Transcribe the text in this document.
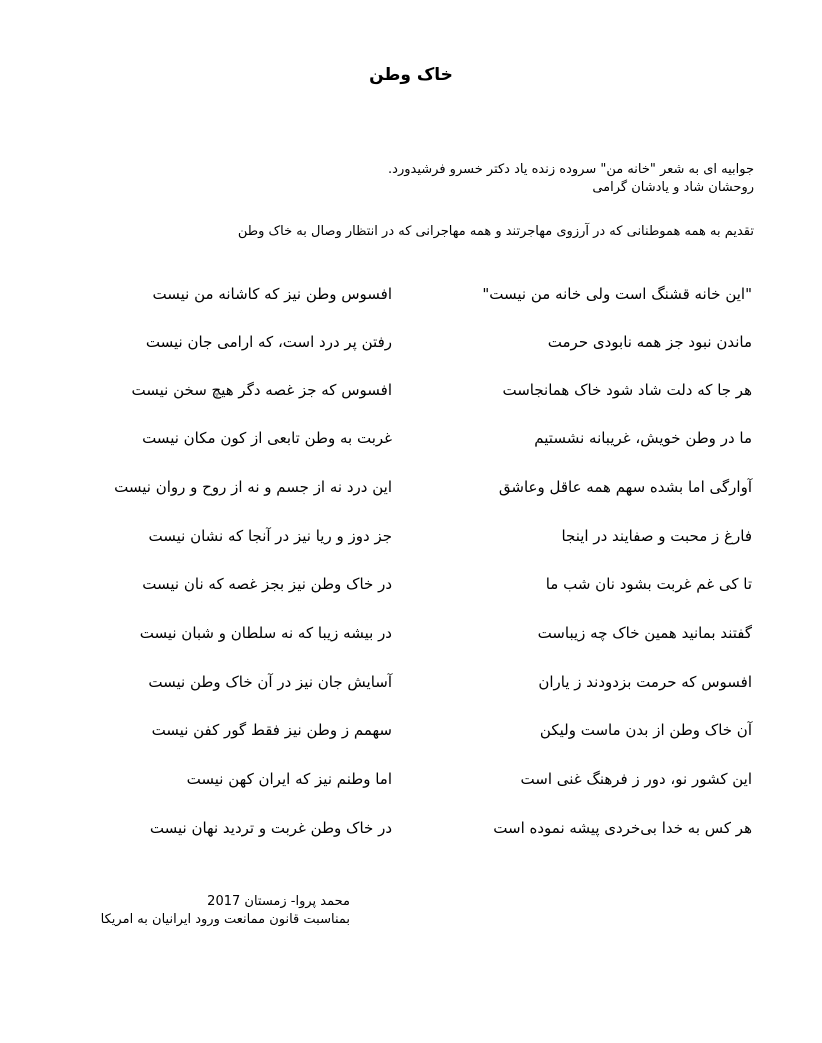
خاک وطن
جوابیه ای به شعر "خانه من" سروده زنده یاد دکتر خسرو فرشیدورد.
روحشان شاد و یادشان گرامی
تقدیم به همه هموطنانی که در آرزوی مهاجرتند و همه مهاجرانی که در انتظار وصال به خاک وطن
"این خانه قشنگ است ولی خانه من نیست"
افسوس وطن نیز که کاشانه من نیست
ماندن نبود جز همه نابودی حرمت
رفتن پر درد است، که ارامی جان نیست
هر جا که دلت شاد شود خاک همانجاست
افسوس که جز غصه دگر هیچ سخن نیست
ما در وطن خویش، غریبانه نشستیم
غربت به وطن تابعی از کون مکان نیست
آوارگی اما بشده سهم همه عاقل وعاشق
این درد نه از جسم و نه از روح و روان نیست
فارغ ز محبت و صفایند در اینجا
جز دوز و ریا نیز در آنجا که نشان نیست
تا کی غم غربت بشود نان شب ما
در خاک وطن نیز بجز غصه که نان نیست
گفتند بمانید همین خاک چه زیباست
در بیشه زیبا که نه سلطان و شبان نیست
افسوس که حرمت بزدودند ز یاران
آسایش جان نیز در آن خاک وطن نیست
آن خاک وطن از بدن ماست ولیکن
سهمم ز وطن نیز فقط گور کفن نیست
این کشور نو، دور ز فرهنگ غنی است
اما وطنم نیز که ایران کهن نیست
هر کس به خدا بی‌خردی پیشه نموده است
در خاک وطن غربت و تردید نهان نیست
محمد پروا- زمستان 2017
بمناسبت قانون ممانعت ورود ایرانیان به امریکا
